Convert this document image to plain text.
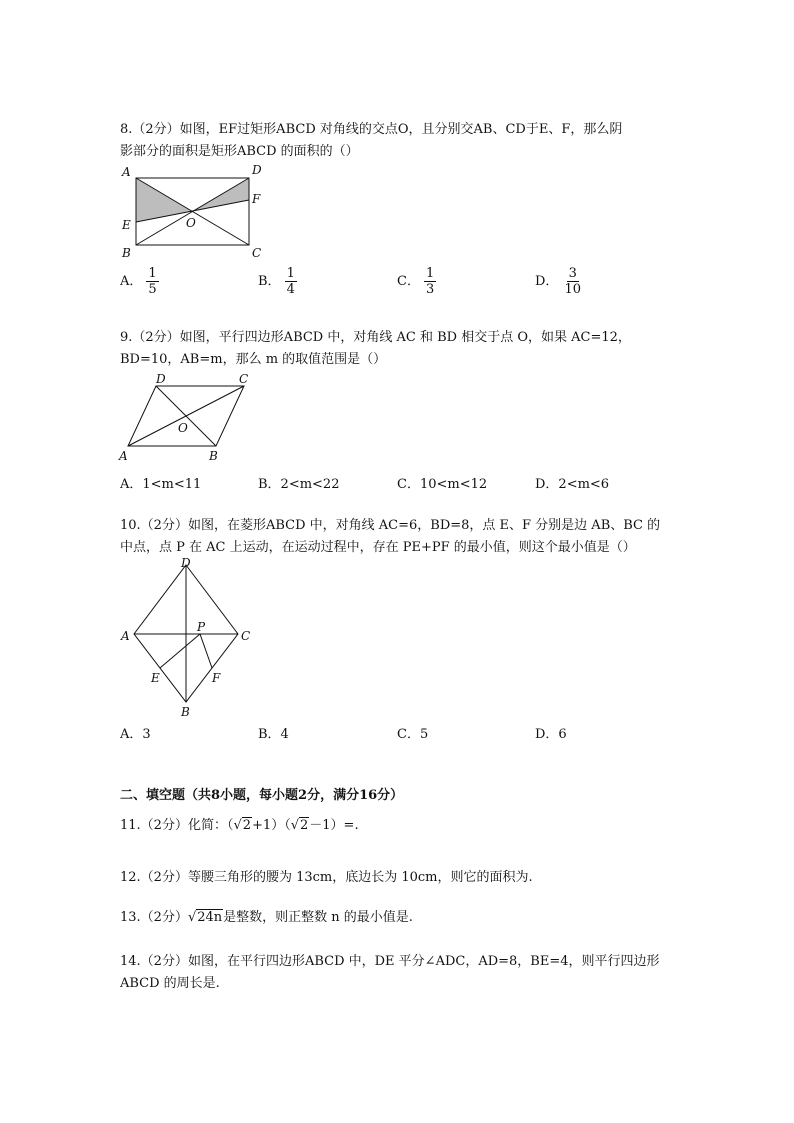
8.（2分）如图，EF过矩形ABCD 对角线的交点O，且分别交AB、CD于E、F，那么阴
影部分的面积是矩形ABCD 的面积的（）
A	D
F
E	O
B	C
A． $\frac{1}{5}$	B． $\frac{1}{4}$	C． $\frac{1}{3}$	D． $\frac{3}{10}$
9.（2分）如图，平行四边形ABCD 中，对角线 AC 和 BD 相交于点 O，如果 AC=12，
BD=10，AB=m，那么 m 的取值范围是（）
D	C
O
A	B
A．1<m<11	B．2<m<22	C．10<m<12	D．2<m<6
10.（2分）如图，在菱形ABCD 中，对角线 AC=6，BD=8，点 E、F 分别是边 AB、BC 的
中点，点 P 在 AC 上运动，在运动过程中，存在 PE+PF 的最小值，则这个最小值是（）
D
A
P
C
E	F
B
A．3	B．4	C．5	D．6
二、填空题（共8小题，每小题2分，满分16分）
11.（2分）化简：（√2+1）（√2－1）=.
12.（2分）等腰三角形的腰为 13cm，底边长为 10cm，则它的面积为.
13.（2分）√24n是整数，则正整数 n 的最小值是.
14.（2分）如图，在平行四边形ABCD 中，DE 平分∠ADC，AD=8，BE=4，则平行四边形
ABCD 的周长是.
